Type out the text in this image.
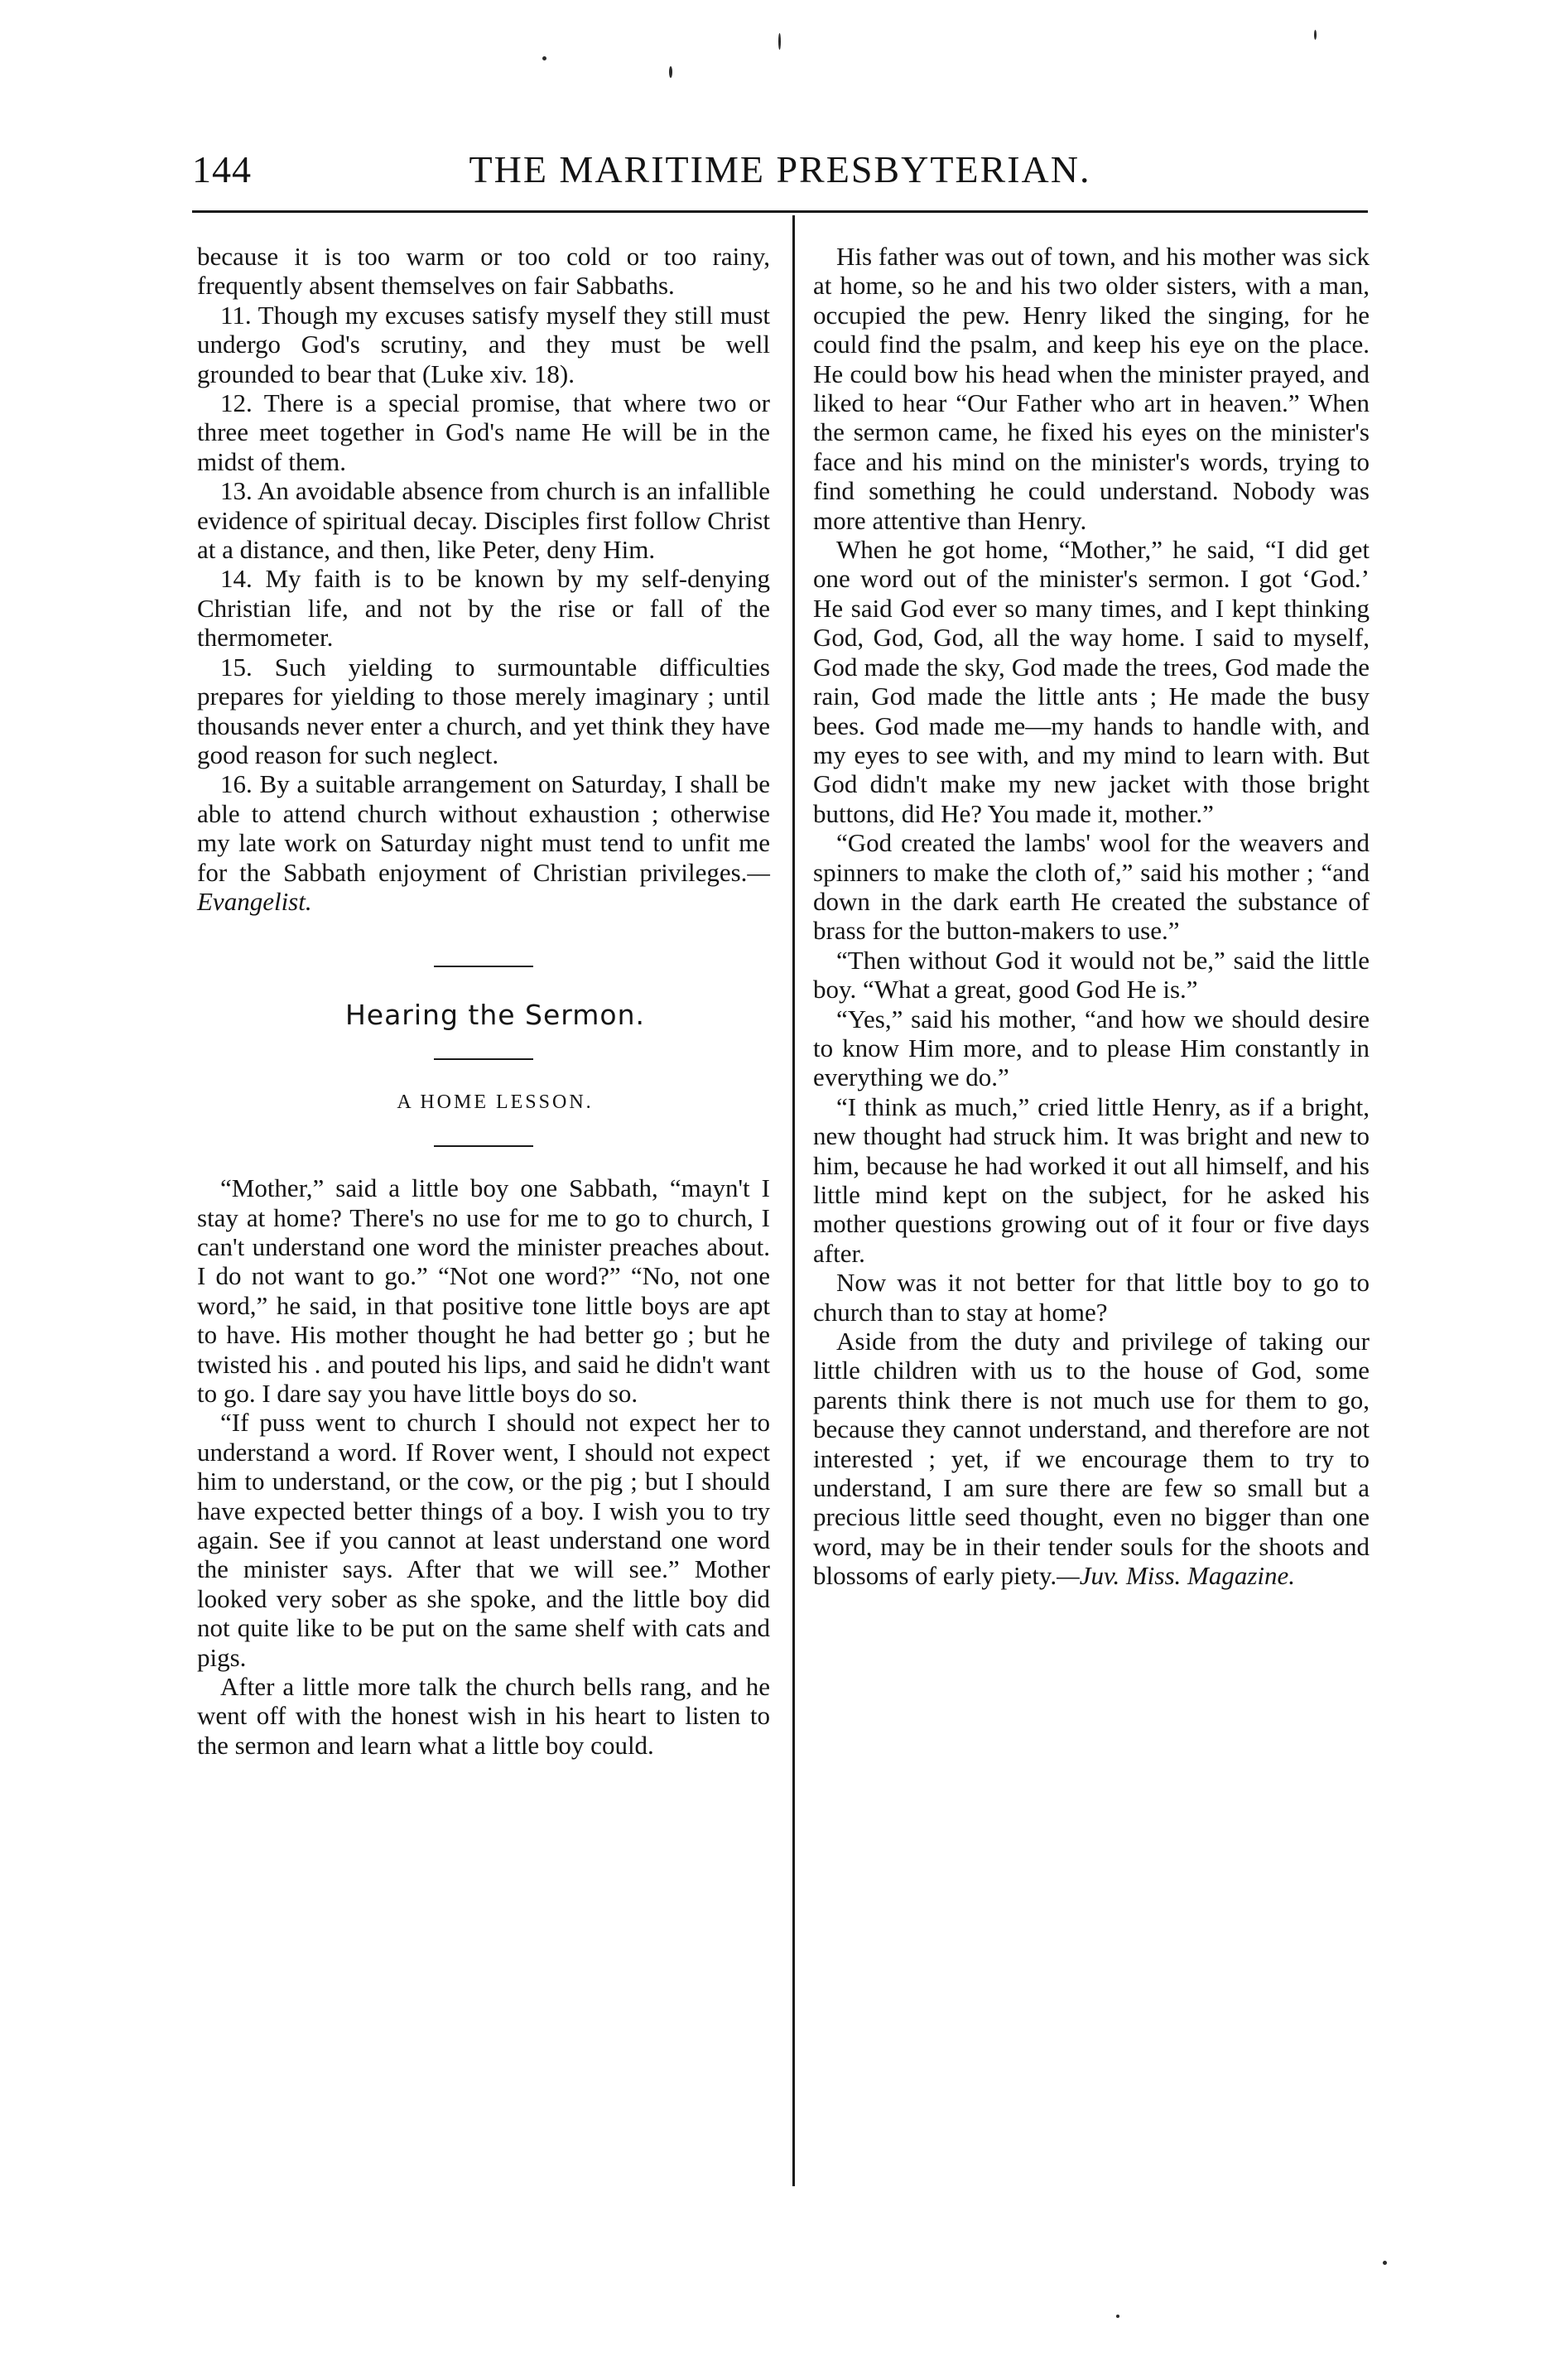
144	THE MARITIME PRESBYTERIAN.

because it is too warm or too cold or too rainy, frequently absent themselves on fair Sabbaths.

11. Though my excuses satisfy myself they still must undergo God's scrutiny, and they must be well grounded to bear that (Luke xiv. 18).

12. There is a special promise, that where two or three meet together in God's name He will be in the midst of them.

13. An avoidable absence from church is an infallible evidence of spiritual decay. Disciples first follow Christ at a distance, and then, like Peter, deny Him.

14. My faith is to be known by my self-denying Christian life, and not by the rise or fall of the thermometer.

15. Such yielding to surmountable difficulties prepares for yielding to those merely imaginary ; until thousands never enter a church, and yet think they have good reason for such neglect.

16. By a suitable arrangement on Saturday, I shall be able to attend church without exhaustion ; otherwise my late work on Saturday night must tend to unfit me for the Sabbath enjoyment of Christian privileges.—Evangelist.

Hearing the Sermon.

A HOME LESSON.

“Mother,” said a little boy one Sabbath, “mayn't I stay at home? There's no use for me to go to church, I can't understand one word the minister preaches about. I do not want to go.” “Not one word?” “No, not one word,” he said, in that positive tone little boys are apt to have. His mother thought he had better go ; but he twisted his . and pouted his lips, and said he didn't want to go. I dare say you have little boys do so.

“If puss went to church I should not expect her to understand a word. If Rover went, I should not expect him to understand, or the cow, or the pig ; but I should have expected better things of a boy. I wish you to try again. See if you cannot at least understand one word the minister says. After that we will see.” Mother looked very sober as she spoke, and the little boy did not quite like to be put on the same shelf with cats and pigs.

After a little more talk the church bells rang, and he went off with the honest wish in his heart to listen to the sermon and learn what a little boy could.

His father was out of town, and his mother was sick at home, so he and his two older sisters, with a man, occupied the pew. Henry liked the singing, for he could find the psalm, and keep his eye on the place. He could bow his head when the minister prayed, and liked to hear “Our Father who art in heaven.” When the sermon came, he fixed his eyes on the minister's face and his mind on the minister's words, trying to find something he could understand. Nobody was more attentive than Henry.

When he got home, “Mother,” he said, “I did get one word out of the minister's sermon. I got ‘God.’ He said God ever so many times, and I kept thinking God, God, God, all the way home. I said to myself, God made the sky, God made the trees, God made the rain, God made the little ants ; He made the busy bees. God made me—my hands to handle with, and my eyes to see with, and my mind to learn with. But God didn't make my new jacket with those bright buttons, did He? You made it, mother.”

“God created the lambs' wool for the weavers and spinners to make the cloth of,” said his mother ; “and down in the dark earth He created the substance of brass for the button-makers to use.”

“Then without God it would not be,” said the little boy. “What a great, good God He is.”

“Yes,” said his mother, “and how we should desire to know Him more, and to please Him constantly in everything we do.”

“I think as much,” cried little Henry, as if a bright, new thought had struck him. It was bright and new to him, because he had worked it out all himself, and his little mind kept on the subject, for he asked his mother questions growing out of it four or five days after.

Now was it not better for that little boy to go to church than to stay at home?

Aside from the duty and privilege of taking our little children with us to the house of God, some parents think there is not much use for them to go, because they cannot understand, and therefore are not interested ; yet, if we encourage them to try to understand, I am sure there are few so small but a precious little seed thought, even no bigger than one word, may be in their tender souls for the shoots and blossoms of early piety.—Juv. Miss. Magazine.
